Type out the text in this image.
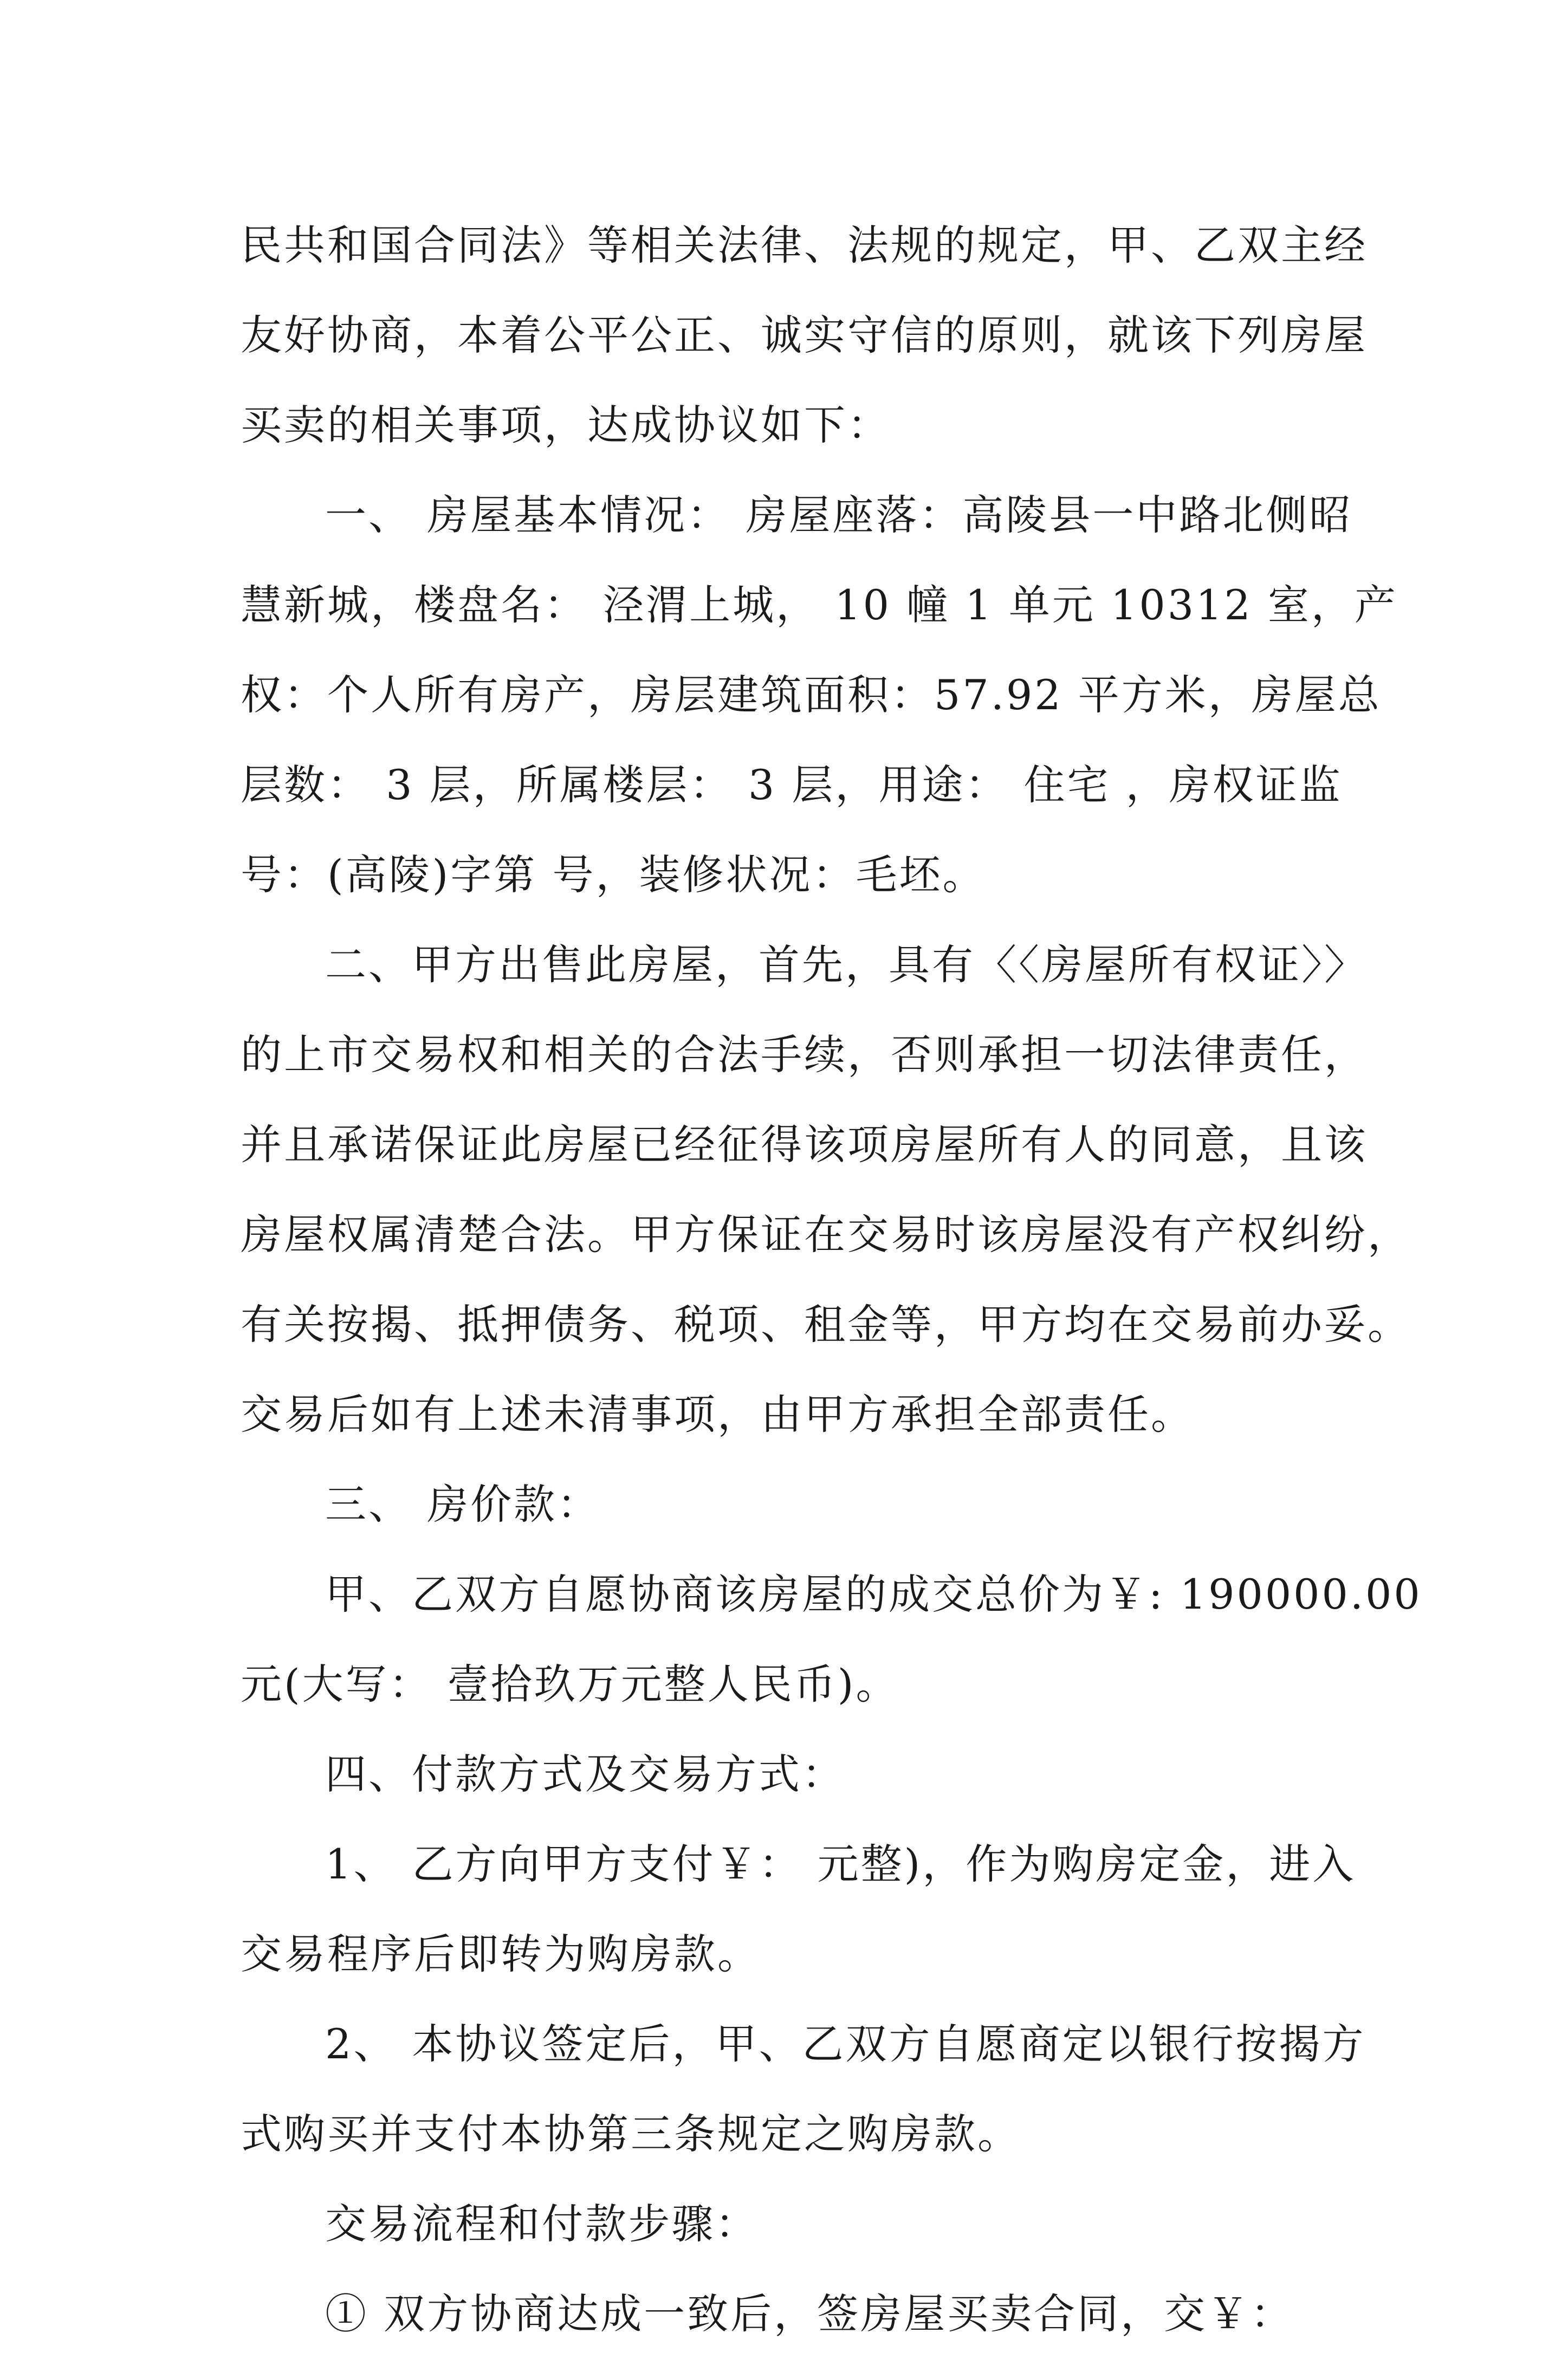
民共和国合同法》等相关法律、法规的规定，甲、乙双主经
友好协商，本着公平公正、诚实守信的原则，就该下列房屋
买卖的相关事项，达成协议如下：
一、 房屋基本情况： 房屋座落：高陵县一中路北侧昭
慧新城，楼盘名： 泾渭上城， 10 幢 1 单元 10312 室，产
权：个人所有房产，房层建筑面积：57.92 平方米，房屋总
层数： 3 层，所属楼层： 3 层，用途： 住宅 ，房权证监
号：(高陵)字第 号，装修状况：毛坯。
二、甲方出售此房屋，首先，具有〈〈房屋所有权证〉〉
的上市交易权和相关的合法手续，否则承担一切法律责任，
并且承诺保证此房屋已经征得该项房屋所有人的同意，且该
房屋权属清楚合法。甲方保证在交易时该房屋没有产权纠纷，
有关按揭、抵押债务、税项、租金等，甲方均在交易前办妥。
交易后如有上述未清事项，由甲方承担全部责任。
三、 房价款：
甲、乙双方自愿协商该房屋的成交总价为￥: 190000.00
元(大写： 壹拾玖万元整人民币)。
四、付款方式及交易方式：
1、 乙方向甲方支付￥： 元整)，作为购房定金，进入
交易程序后即转为购房款。
2、 本协议签定后，甲、乙双方自愿商定以银行按揭方
式购买并支付本协第三条规定之购房款。
交易流程和付款步骤：
① 双方协商达成一致后，签房屋买卖合同，交￥：
